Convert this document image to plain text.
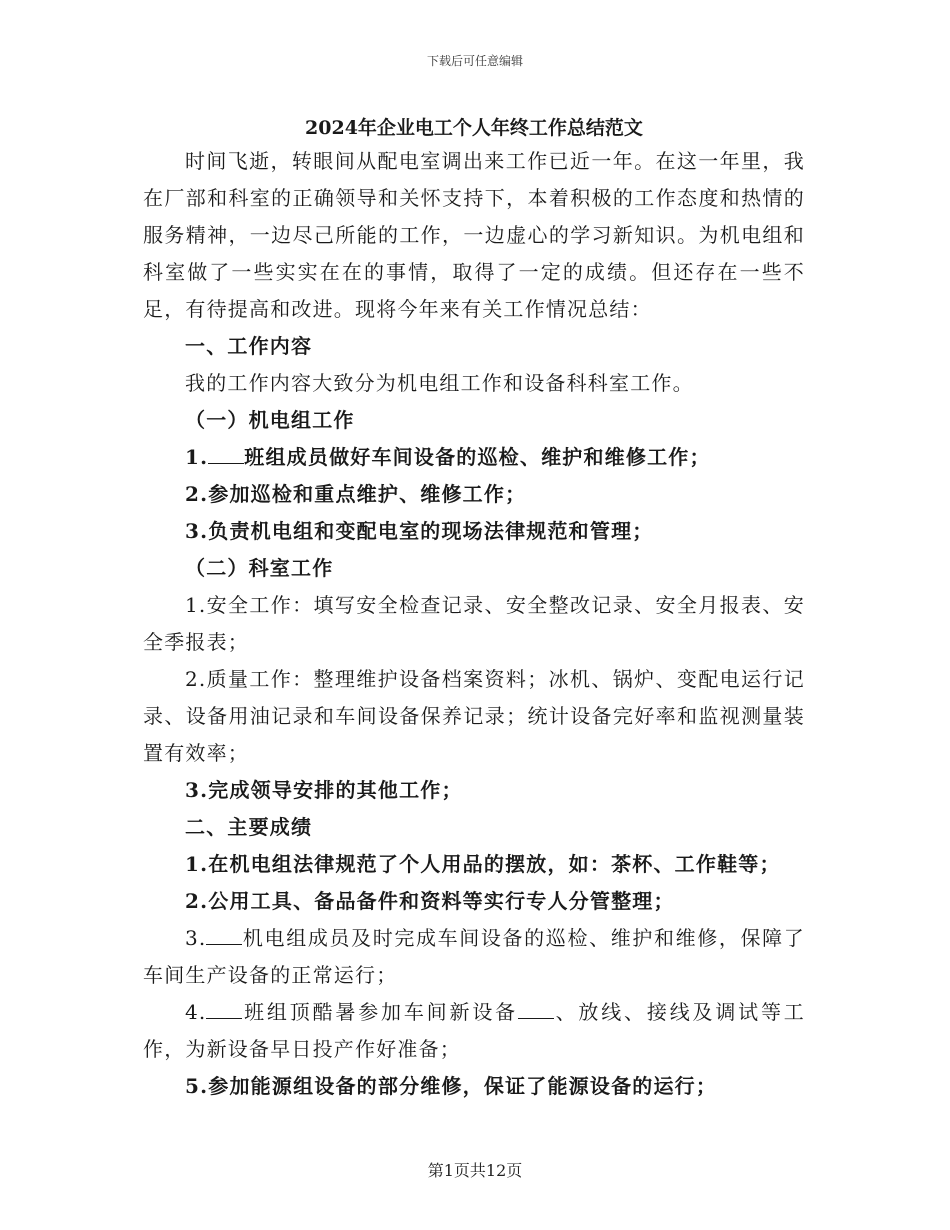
下载后可任意编辑

2024年企业电工个人年终工作总结范文

时间飞逝，转眼间从配电室调出来工作已近一年。在这一年里，我在厂部和科室的正确领导和关怀支持下，本着积极的工作态度和热情的服务精神，一边尽己所能的工作，一边虚心的学习新知识。为机电组和科室做了一些实实在在的事情，取得了一定的成绩。但还存在一些不足，有待提高和改进。现将今年来有关工作情况总结：

一、工作内容

我的工作内容大致分为机电组工作和设备科科室工作。

（一）机电组工作

1. 班组成员做好车间设备的巡检、维护和维修工作；

2.参加巡检和重点维护、维修工作；

3.负责机电组和变配电室的现场法律规范和管理；

（二）科室工作

1.安全工作：填写安全检查记录、安全整改记录、安全月报表、安全季报表；

2.质量工作：整理维护设备档案资料；冰机、锅炉、变配电运行记录、设备用油记录和车间设备保养记录；统计设备完好率和监视测量装置有效率；

3.完成领导安排的其他工作；

二、主要成绩

1.在机电组法律规范了个人用品的摆放，如：茶杯、工作鞋等；

2.公用工具、备品备件和资料等实行专人分管整理；

3. 机电组成员及时完成车间设备的巡检、维护和维修，保障了车间生产设备的正常运行；

4. 班组顶酷暑参加车间新设备 、放线、接线及调试等工作，为新设备早日投产作好准备；

5.参加能源组设备的部分维修，保证了能源设备的运行；

第1页共12页
